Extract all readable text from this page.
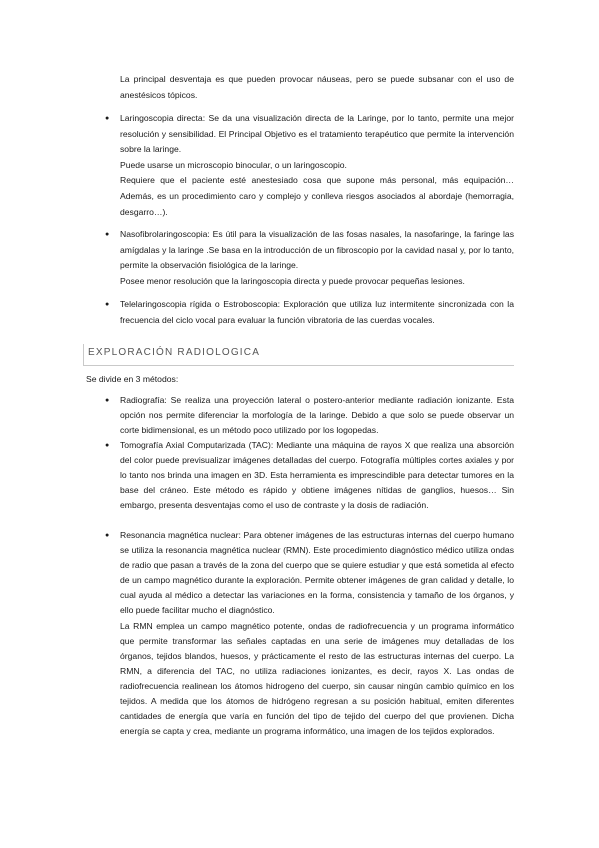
La principal desventaja es que pueden provocar náuseas, pero se puede subsanar con el uso de anestésicos tópicos.

● Laringoscopia directa: Se da una visualización directa de la Laringe, por lo tanto, permite una mejor resolución y sensibilidad. El Principal Objetivo es el tratamiento terapéutico que permite la intervención sobre la laringe.

Puede usarse un microscopio binocular, o un laringoscopio.

Requiere que el paciente esté anestesiado cosa que supone más personal, más equipación… Además, es un procedimiento caro y complejo y conlleva riesgos asociados al abordaje (hemorragia, desgarro…).

● Nasofibrolaringoscopia: Es útil para la visualización de las fosas nasales, la nasofaringe, la faringe las amígdalas y la laringe .Se basa en la introducción de un fibroscopio por la cavidad nasal y, por lo tanto, permite la observación fisiológica de la laringe.

Posee menor resolución que la laringoscopia directa y puede provocar pequeñas lesiones.

● Telelaringoscopia rígida o Estroboscopia: Exploración que utiliza luz intermitente sincronizada con la frecuencia del ciclo vocal para evaluar la función vibratoria de las cuerdas vocales.

EXPLORACIÓN RADIOLOGICA
Se divide en 3 métodos:
● Radiografía: Se realiza una proyección lateral o postero-anterior mediante radiación ionizante. Esta opción nos permite diferenciar la morfología de la laringe. Debido a que solo se puede observar un corte bidimensional, es un método poco utilizado por los logopedas.

● Tomografía Axial Computarizada (TAC): Mediante una máquina de rayos X que realiza una absorción del color puede previsualizar imágenes detalladas del cuerpo. Fotografía múltiples cortes axiales y por lo tanto nos brinda una imagen en 3D. Esta herramienta es imprescindible para detectar tumores en la base del cráneo. Este método es rápido y obtiene imágenes nítidas de ganglios, huesos… Sin embargo, presenta desventajas como el uso de contraste y la dosis de radiación.

● Resonancia magnética nuclear: Para obtener imágenes de las estructuras internas del cuerpo humano se utiliza la resonancia magnética nuclear (RMN). Este procedimiento diagnóstico médico utiliza ondas de radio que pasan a través de la zona del cuerpo que se quiere estudiar y que está sometida al efecto de un campo magnético durante la exploración. Permite obtener imágenes de gran calidad y detalle, lo cual ayuda al médico a detectar las variaciones en la forma, consistencia y tamaño de los órganos, y ello puede facilitar mucho el diagnóstico.

La RMN emplea un campo magnético potente, ondas de radiofrecuencia y un programa informático que permite transformar las señales captadas en una serie de imágenes muy detalladas de los órganos, tejidos blandos, huesos, y prácticamente el resto de las estructuras internas del cuerpo. La RMN, a diferencia del TAC, no utiliza radiaciones ionizantes, es decir, rayos X. Las ondas de radiofrecuencia realinean los átomos hidrogeno del cuerpo, sin causar ningún cambio químico en los tejidos. A medida que los átomos de hidrógeno regresan a su posición habitual, emiten diferentes cantidades de energía que varía en función del tipo de tejido del cuerpo del que provienen. Dicha energía se capta y crea, mediante un programa informático, una imagen de los tejidos explorados.
